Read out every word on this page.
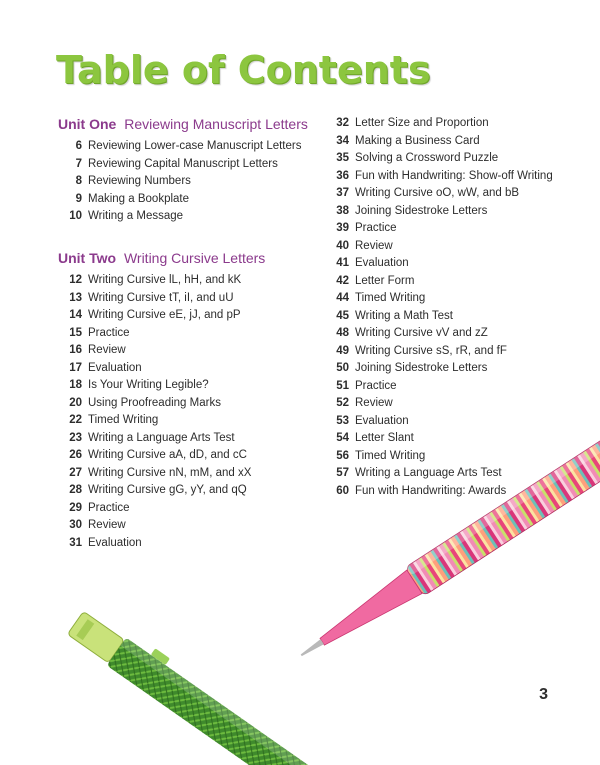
Table of Contents
Unit One Reviewing Manuscript Letters
6 Reviewing Lower-case Manuscript Letters
7 Reviewing Capital Manuscript Letters
8 Reviewing Numbers
9 Making a Bookplate
10 Writing a Message
Unit Two Writing Cursive Letters
12 Writing Cursive lL, hH, and kK
13 Writing Cursive tT, iI, and uU
14 Writing Cursive eE, jJ, and pP
15 Practice
16 Review
17 Evaluation
18 Is Your Writing Legible?
20 Using Proofreading Marks
22 Timed Writing
23 Writing a Language Arts Test
26 Writing Cursive aA, dD, and cC
27 Writing Cursive nN, mM, and xX
28 Writing Cursive gG, yY, and qQ
29 Practice
30 Review
31 Evaluation
32 Letter Size and Proportion
34 Making a Business Card
35 Solving a Crossword Puzzle
36 Fun with Handwriting: Show-off Writing
37 Writing Cursive oO, wW, and bB
38 Joining Sidestroke Letters
39 Practice
40 Review
41 Evaluation
42 Letter Form
44 Timed Writing
45 Writing a Math Test
48 Writing Cursive vV and zZ
49 Writing Cursive sS, rR, and fF
50 Joining Sidestroke Letters
51 Practice
52 Review
53 Evaluation
54 Letter Slant
56 Timed Writing
57 Writing a Language Arts Test
60 Fun with Handwriting: Awards
3
